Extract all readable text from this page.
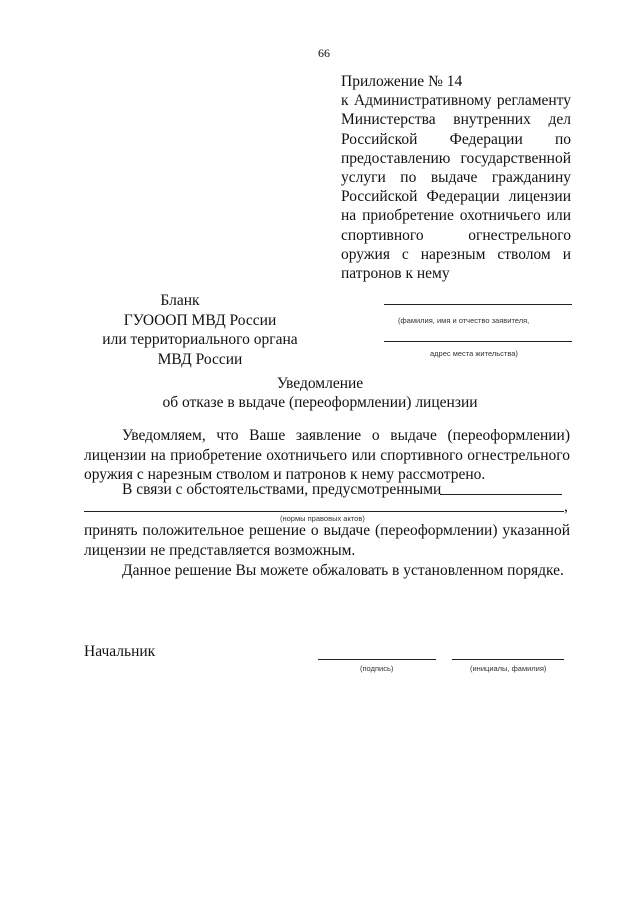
66
Приложение № 14
к Административному регламенту
Министерства внутренних дел
Российской Федерации по
предоставлению государственной
услуги по выдаче гражданину
Российской Федерации лицензии
на приобретение охотничьего или
спортивного огнестрельного
оружия с нарезным стволом и
патронов к нему
Бланк
ГУОООП МВД России
или территориального органа
МВД России
(фамилия, имя и отчество заявителя,
адрес места жительства)
Уведомление
об отказе в выдаче (переоформлении) лицензии
Уведомляем, что Ваше заявление о выдаче (переоформлении)
лицензии на приобретение охотничьего или спортивного огнестрельного
оружия с нарезным стволом и патронов к нему рассмотрено.
В связи с обстоятельствами, предусмотренными
,
(нормы правовых актов)
принять положительное решение о выдаче (переоформлении) указанной
лицензии не представляется возможным.
Данное решение Вы можете обжаловать в установленном порядке.
Начальник
(подпись)	(инициалы, фамилия)
